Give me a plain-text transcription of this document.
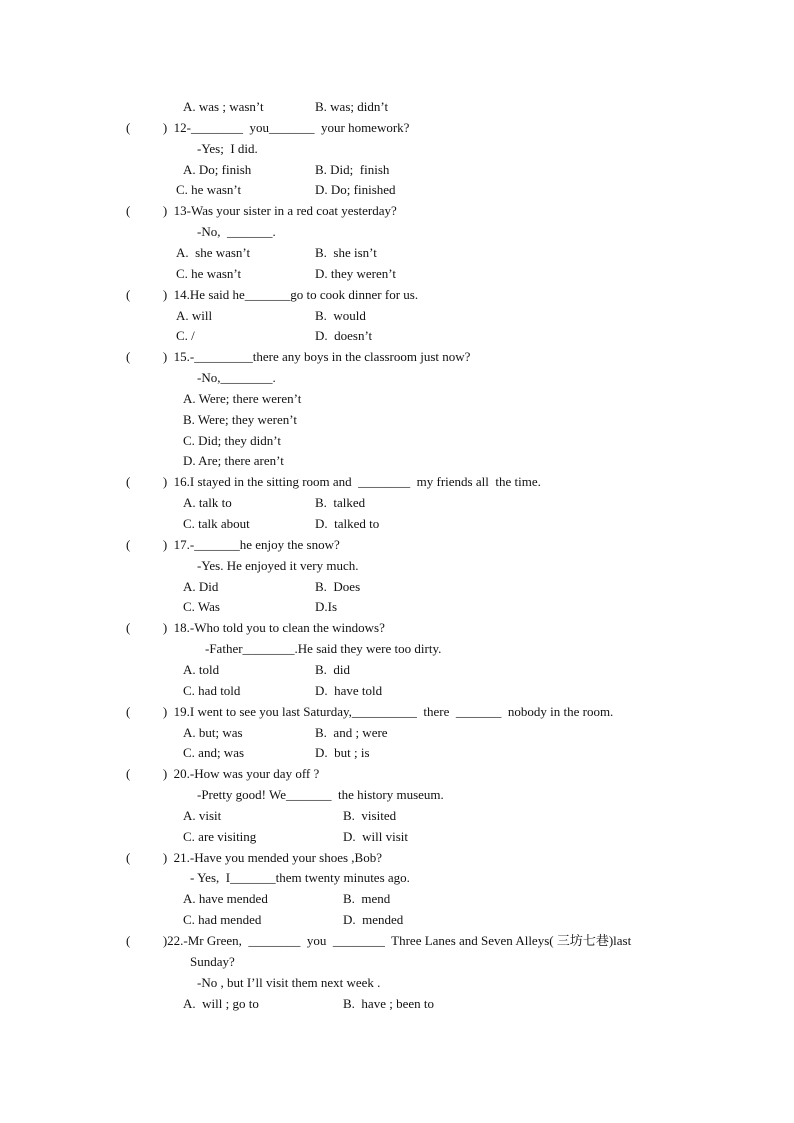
A. was ; wasn’t	B. was; didn’t
(          )  12-________  you_______  your homework?
-Yes;  I did.
A. Do; finish	B. Did;  finish
C. he wasn’t	D. Do; finished
(          )  13-Was your sister in a red coat yesterday?
-No,  _______.
A.  she wasn’t	B.  she isn’t
C. he wasn’t	D. they weren’t
(          )  14.He said he_______go to cook dinner for us.
A. will	B.  would
C. /	D.  doesn’t
(          )  15.-_________there any boys in the classroom just now?
-No,________.
A. Were; there weren’t
B. Were; they weren’t
C. Did; they didn’t
D. Are; there aren’t
(          )  16.I stayed in the sitting room and  ________  my friends all  the time.
A. talk to	B.  talked
C. talk about	D.  talked to
(          )  17.-_______he enjoy the snow?
-Yes. He enjoyed it very much.
A. Did	B.  Does
C. Was	D.Is
(          )  18.-Who told you to clean the windows?
-Father________.He said they were too dirty.
A. told	B.  did
C. had told	D.  have told
(          )  19.I went to see you last Saturday,__________  there  _______  nobody in the room.
A. but; was	B.  and ; were
C. and; was	D.  but ; is
(          )  20.-How was your day off ?
-Pretty good! We_______  the history museum.
A. visit	B.  visited
C. are visiting	D.  will visit
(          )  21.-Have you mended your shoes ,Bob?
- Yes,  I_______them twenty minutes ago.
A. have mended	B.  mend
C. had mended	D.  mended
(          )22.-Mr Green,  ________  you  ________  Three Lanes and Seven Alleys( 三坊七巷)last
Sunday?
-No , but I’ll visit them next week .
A.  will ; go to	B.  have ; been to
